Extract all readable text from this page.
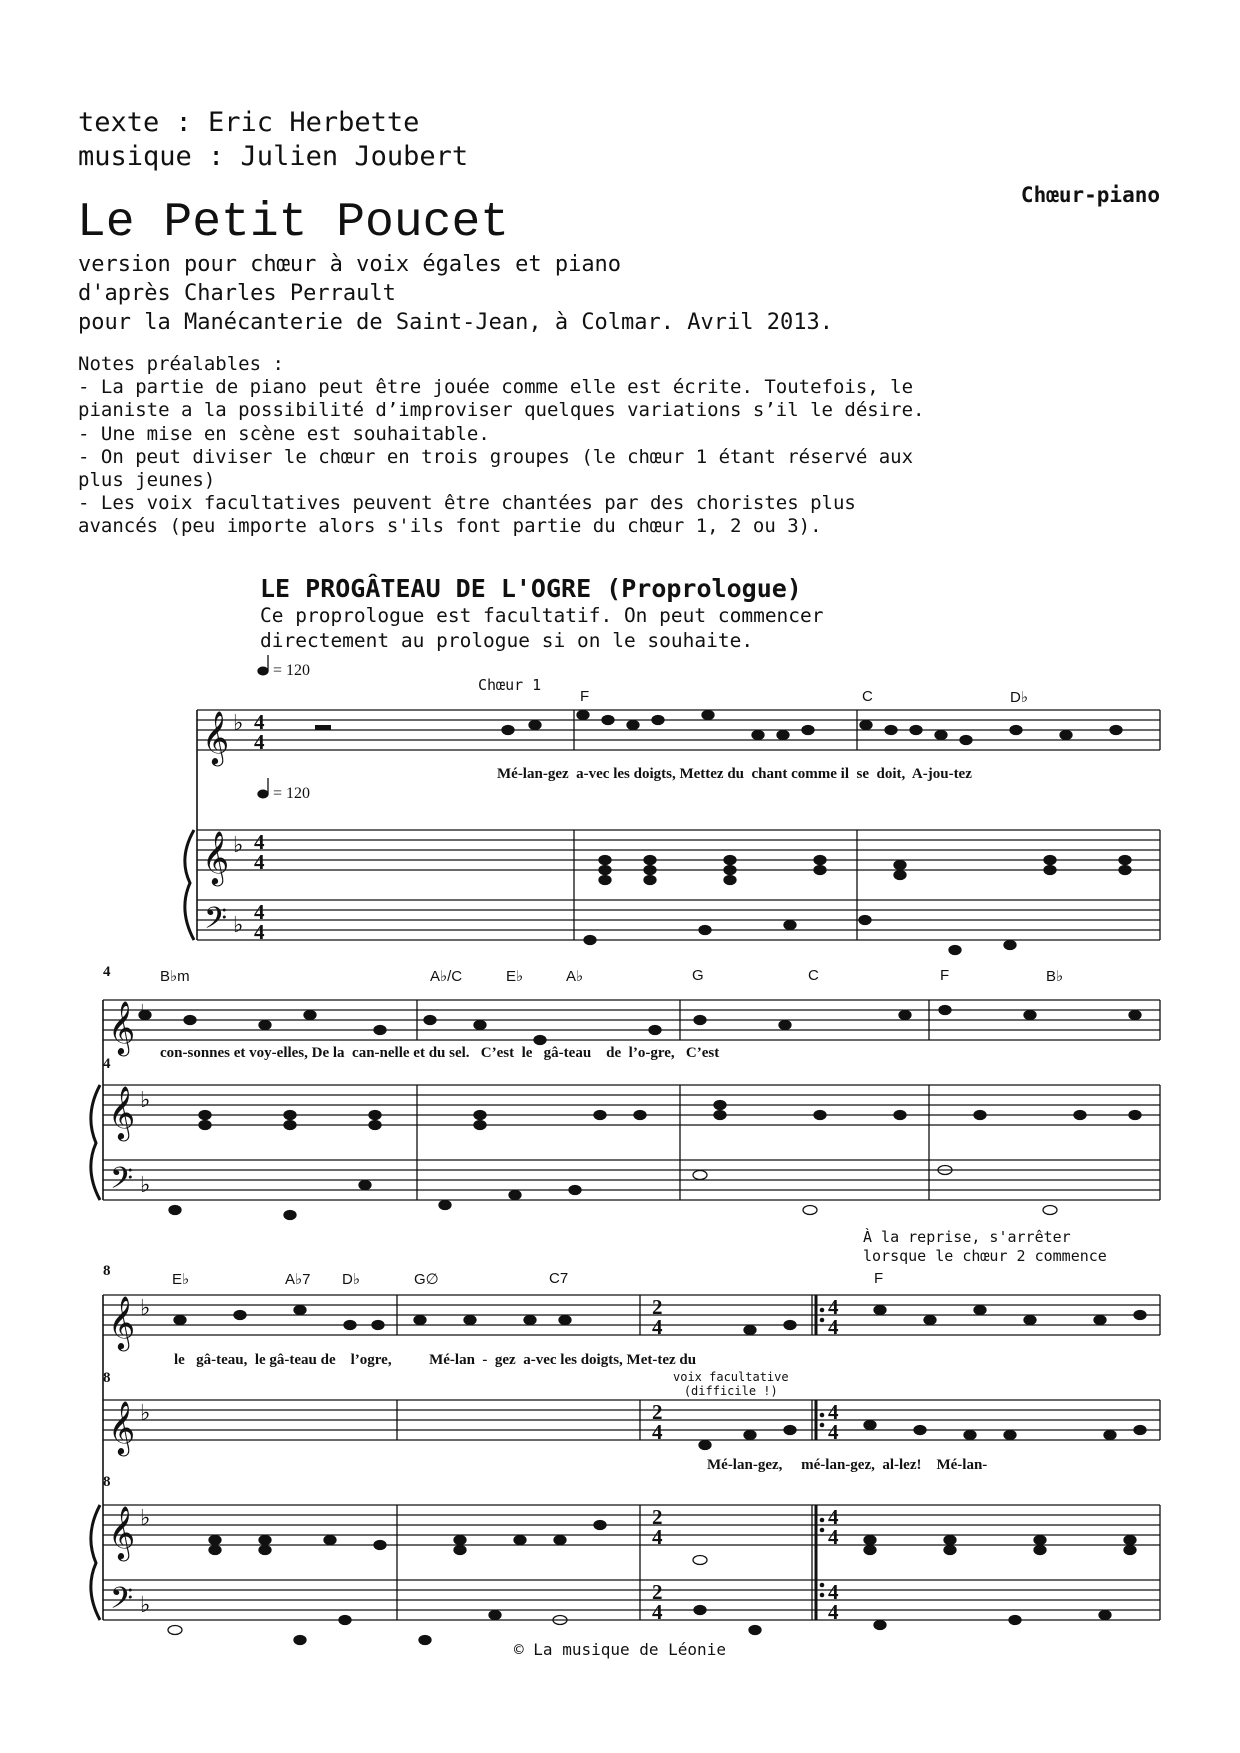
texte : Eric Herbette
musique : Julien Joubert
Chœur-piano
Le Petit Poucet
version pour chœur à voix égales et piano
d'après Charles Perrault
pour la Manécanterie de Saint-Jean, à Colmar. Avril 2013.
Notes préalables :
- La partie de piano peut être jouée comme elle est écrite. Toutefois, le
pianiste a la possibilité d’improviser quelques variations s’il le désire.
- Une mise en scène est souhaitable.
- On peut diviser le chœur en trois groupes (le chœur 1 étant réservé aux
plus jeunes)
- Les voix facultatives peuvent être chantées par des choristes plus
avancés (peu importe alors s'ils font partie du chœur 1, 2 ou 3).
LE PROGÂTEAU DE L'OGRE (Proprologue)
Ce proprologue est facultatif. On peut commencer
directement au prologue si on le souhaite.
𝄞
𝄞
𝄢
𝄞
𝄞
𝄢
𝄞
𝄞
𝄞
𝄢
♭
♭
♭
♭
♭
♭
♭
♭
♭
4
4
4
4
4
4
2
4
2
4
2
4
2
4
4
4
4
4
4
4
4
4
= 120
= 120
Chœur 1
F	C	D♭
Mé-lan-gez  a-vec les doigts, Mettez du  chant comme il  se  doit,  A-jou-tez
4
4
B♭m	A♭/C	E♭	A♭	G	C	F	B♭
con-sonnes et voy-elles, De la  can-nelle et du sel.   C’est  le   gâ-teau    de  l’o-gre,   C’est
À la reprise, s'arrêter
lorsque le chœur 2 commence
8
8
8
E♭	A♭7 D♭	G∅	C7	F
le   gâ-teau,  le gâ-teau de    l’ogre,          Mé-lan  -  gez  a-vec les doigts, Met-tez du
voix facultative
(difficile !)
Mé-lan-gez,     mé-lan-gez,  al-lez!    Mé-lan-
© La musique de Léonie
